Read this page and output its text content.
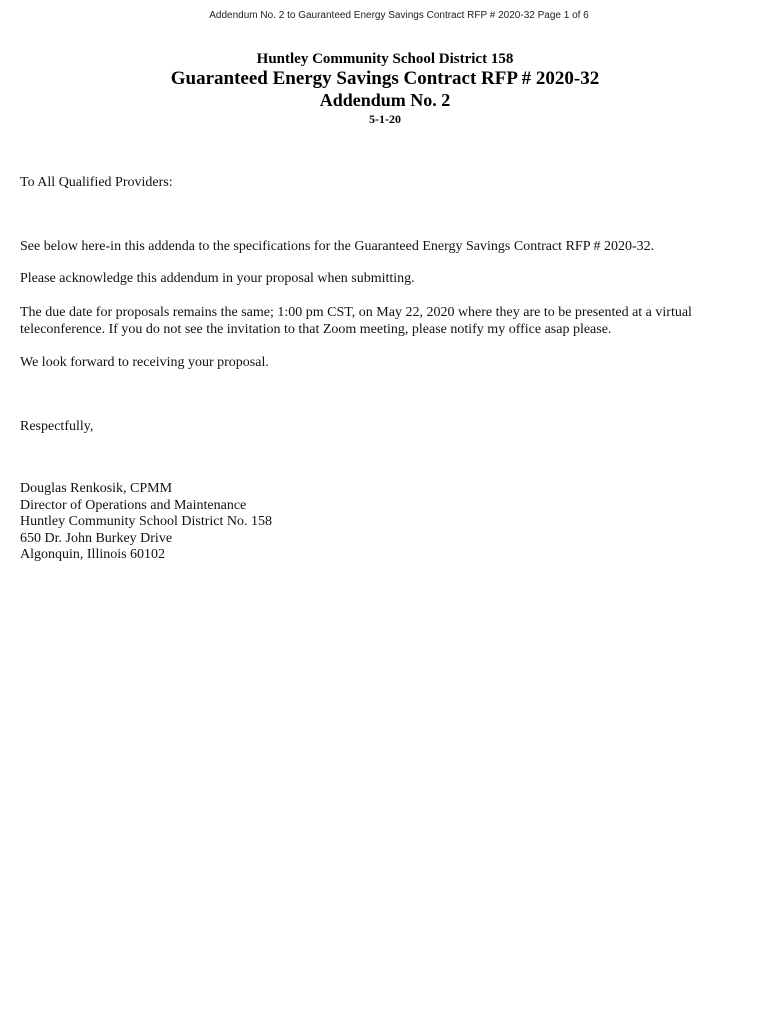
Addendum No. 2 to Gauranteed Energy Savings Contract RFP # 2020-32 Page 1 of 6
Huntley Community School District 158
Guaranteed Energy Savings Contract RFP # 2020-32
Addendum No. 2
5-1-20

To All Qualified Providers:

See below here-in this addenda to the specifications for the Guaranteed Energy Savings Contract RFP # 2020-32.

Please acknowledge this addendum in your proposal when submitting.

The due date for proposals remains the same; 1:00 pm CST, on May 22, 2020 where they are to be presented at a virtual teleconference. If you do not see the invitation to that Zoom meeting, please notify my office asap please.

We look forward to receiving your proposal.

Respectfully,

Douglas Renkosik, CPMM
Director of Operations and Maintenance
Huntley Community School District No. 158
650 Dr. John Burkey Drive
Algonquin, Illinois 60102
